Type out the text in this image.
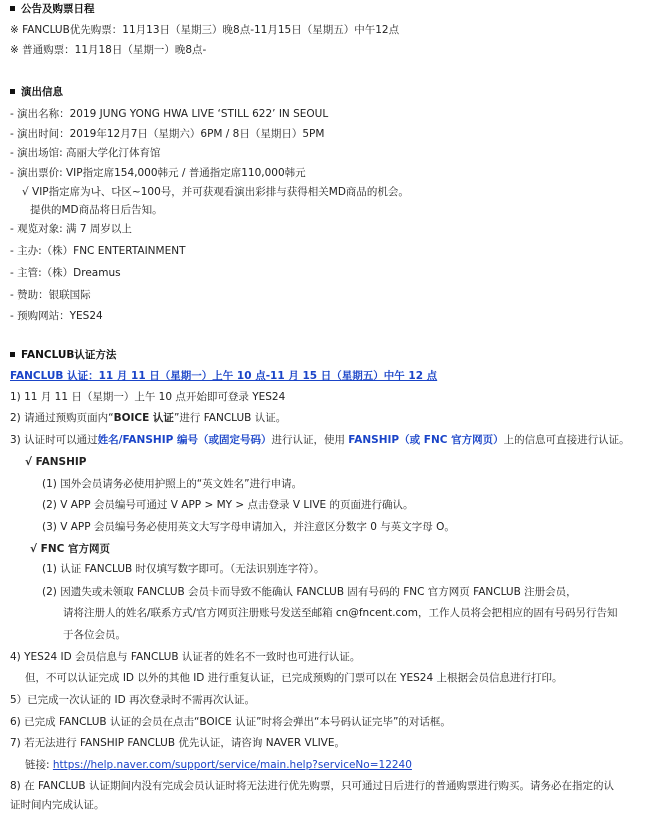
公告及购票日程
※ FANCLUB优先购票：11月13日（星期三）晚8点-11月15日（星期五）中午12点
※ 普通购票：11月18日（星期一）晚8点-
演出信息
- 演出名称：2019 JUNG YONG HWA LIVE ‘STILL 622’ IN SEOUL
- 演出时间：2019年12月7日（星期六）6PM / 8日（星期日）5PM
- 演出场馆: 高丽大学化汀体育馆
- 演出票价: VIP指定席154,000韩元 / 普通指定席110,000韩元
√ VIP指定席为나、다区~100号，并可获观看演出彩排与获得相关MD商品的机会。
提供的MD商品将日后告知。
- 观览对象: 满 7 周岁以上
- 主办:（株）FNC ENTERTAINMENT
- 主管:（株）Dreamus
- 赞助：银联国际
- 预购网站：YES24
FANCLUB认证方法
FANCLUB 认证：11 月 11 日（星期一）上午 10 点-11 月 15 日（星期五）中午 12 点
1) 11 月 11 日（星期一）上午 10 点开始即可登录 YES24
2) 请通过预购页面内“BOICE 认证”进行 FANCLUB 认证。
3) 认证时可以通过姓名/FANSHIP 编号（或固定号码）进行认证，使用 FANSHIP（或 FNC 官方网页）上的信息可直接进行认证。
√ FANSHIP
(1) 国外会员请务必使用护照上的“英文姓名”进行申请。
(2) V APP 会员编号可通过 V APP > MY > 点击登录 V LIVE 的页面进行确认。
(3) V APP 会员编号务必使用英文大写字母申请加入，并注意区分数字 0 与英文字母 O。
√ FNC 官方网页
(1) 认证 FANCLUB 时仅填写数字即可。（无法识别连字符）。
(2) 因遗失或未领取 FANCLUB 会员卡而导致不能确认 FANCLUB 固有号码的 FNC 官方网页 FANCLUB 注册会员，
请将注册人的姓名/联系方式/官方网页注册账号发送至邮箱 cn@fncent.com，工作人员将会把相应的固有号码另行告知
于各位会员。
4) YES24 ID 会员信息与 FANCLUB 认证者的姓名不一致时也可进行认证。
但，不可以认证完成 ID 以外的其他 ID 进行重复认证，已完成预购的门票可以在 YES24 上根据会员信息进行打印。
5）已完成一次认证的 ID 再次登录时不需再次认证。
6) 已完成 FANCLUB 认证的会员在点击“BOICE 认证”时将会弹出“本号码认证完毕”的对话框。
7) 若无法进行 FANSHIP FANCLUB 优先认证，请咨询 NAVER VLIVE。
链接: https://help.naver.com/support/service/main.help?serviceNo=12240
8) 在 FANCLUB 认证期间内没有完成会员认证时将无法进行优先购票，只可通过日后进行的普通购票进行购买。请务必在指定的认
证时间内完成认证。
